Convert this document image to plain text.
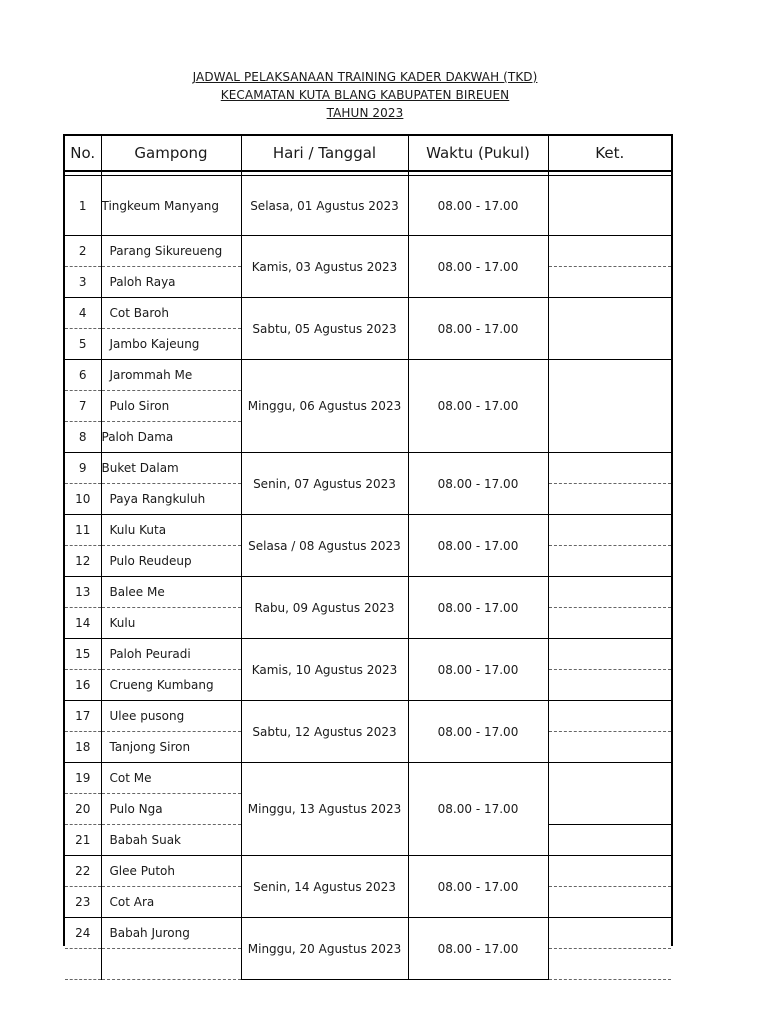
JADWAL PELAKSANAAN TRAINING KADER DAKWAH (TKD)
KECAMATAN KUTA BLANG KABUPATEN BIREUEN
TAHUN 2023
No.	Gampong	Hari / Tanggal	Waktu (Pukul)	Ket.

1	Tingkeum Manyang	Selasa, 01 Agustus 2023	08.00 - 17.00	
2	Parang Sikureueng	Kamis, 03 Agustus 2023	08.00 - 17.00	
3	Paloh Raya			
4	Cot Baroh	Sabtu, 05 Agustus 2023	08.00 - 17.00	
5	Jambo Kajeung			
6	Jarommah Me	Minggu, 06 Agustus 2023	08.00 - 17.00	
7	Pulo Siron			
8	Paloh Dama			
9	Buket Dalam	Senin, 07 Agustus 2023	08.00 - 17.00	
10	Paya Rangkuluh			
11	Kulu Kuta	Selasa / 08 Agustus 2023	08.00 - 17.00	
12	Pulo Reudeup			
13	Balee Me	Rabu, 09 Agustus 2023	08.00 - 17.00	
14	Kulu			
15	Paloh Peuradi	Kamis, 10 Agustus 2023	08.00 - 17.00	
16	Crueng Kumbang			
17	Ulee pusong	Sabtu, 12 Agustus 2023	08.00 - 17.00	
18	Tanjong Siron			
19	Cot Me	Minggu, 13 Agustus 2023	08.00 - 17.00	
20	Pulo Nga			
21	Babah Suak			
22	Glee Putoh	Senin, 14 Agustus 2023	08.00 - 17.00	
23	Cot Ara			
24	Babah Jurong	Minggu, 20 Agustus 2023	08.00 - 17.00	
